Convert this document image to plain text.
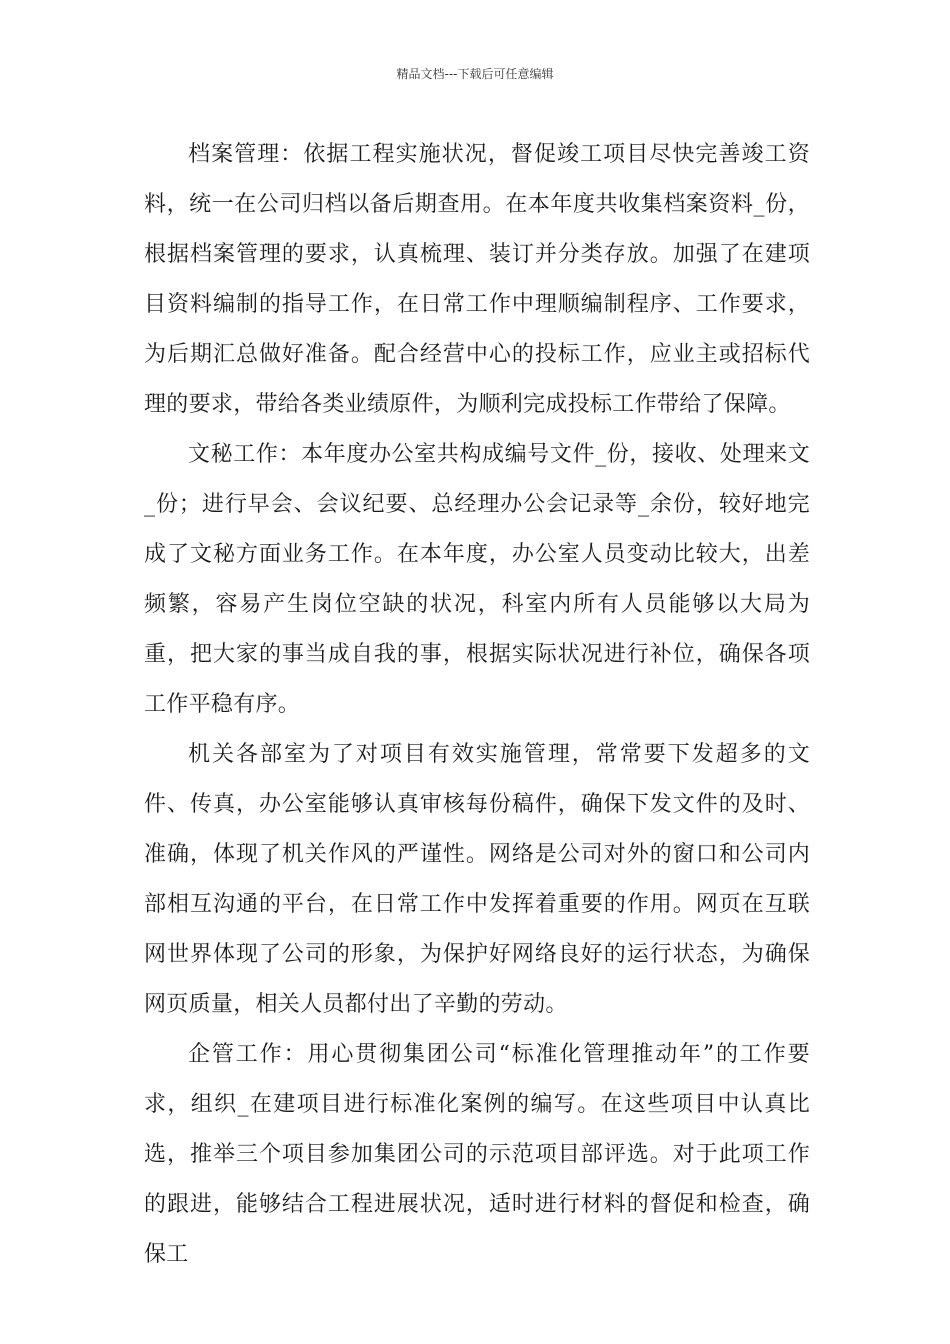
精品文档---下载后可任意编辑

档案管理：依据工程实施状况，督促竣工项目尽快完善竣工资料，统一在公司归档以备后期查用。在本年度共收集档案资料_份，根据档案管理的要求，认真梳理、装订并分类存放。加强了在建项目资料编制的指导工作，在日常工作中理顺编制程序、工作要求，为后期汇总做好准备。配合经营中心的投标工作，应业主或招标代理的要求，带给各类业绩原件，为顺利完成投标工作带给了保障。

文秘工作：本年度办公室共构成编号文件_份，接收、处理来文_份；进行早会、会议纪要、总经理办公会记录等_余份，较好地完成了文秘方面业务工作。在本年度，办公室人员变动比较大，出差频繁，容易产生岗位空缺的状况，科室内所有人员能够以大局为重，把大家的事当成自我的事，根据实际状况进行补位，确保各项工作平稳有序。

机关各部室为了对项目有效实施管理，常常要下发超多的文件、传真，办公室能够认真审核每份稿件，确保下发文件的及时、准确，体现了机关作风的严谨性。网络是公司对外的窗口和公司内部相互沟通的平台，在日常工作中发挥着重要的作用。网页在互联网世界体现了公司的形象，为保护好网络良好的运行状态，为确保网页质量，相关人员都付出了辛勤的劳动。

企管工作：用心贯彻集团公司“标准化管理推动年”的工作要求，组织_在建项目进行标准化案例的编写。在这些项目中认真比选，推举三个项目参加集团公司的示范项目部评选。对于此项工作的跟进，能够结合工程进展状况，适时进行材料的督促和检查，确保工
